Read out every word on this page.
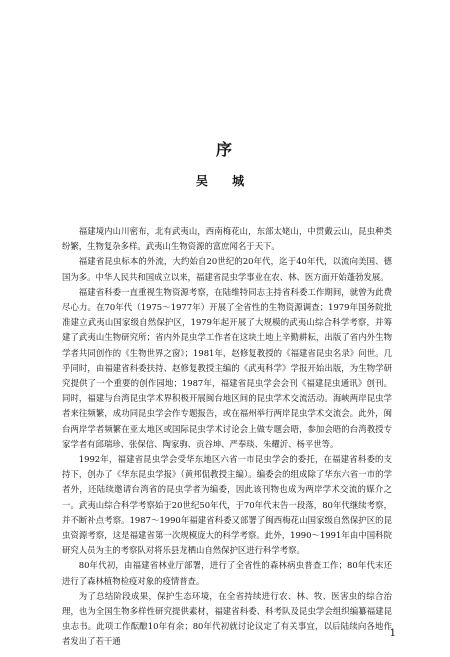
序
吴 城

福建境内山川密布，北有武夷山，西南梅花山，东部太姥山，中贯戴云山，昆虫种类纷繁，生物复杂多样。武夷山生物资源的富庶闻名于天下。

福建省昆虫标本的外流，大约始自20世纪的20年代，迄于40年代，以流向美国、德国为多。中华人民共和国成立以来，福建省昆虫学事业在农、林、医方面开始蓬勃发展。

福建省科委一直重视生物资源考察，在陆维特同志主持省科委工作期间，就曾为此费尽心力。在70年代（1975～1977年）开展了全省性的生物资源调查；1979年国务院批准建立武夷山国家级自然保护区，1979年起开展了大规模的武夷山综合科学考察，并筹建了武夷山生物研究所；省内外昆虫学工作者在这块土地上辛勤耕耘，出版了省内外生物学者共同创作的《生物世界之窗》；1981年，赵修复教授的《福建省昆虫名录》问世。几乎同时，由福建省科委扶持、赵修复教授主编的《武夷科学》学报开始出版，为生物学研究提供了一个重要的创作园地；1987年，福建省昆虫学会会刊《福建昆虫通讯》创刊。同时，福建与台湾昆虫学术界积极开展闽台地区间的昆虫学术交流活动。海峡两岸昆虫学者来往频繁，成功同昆虫学会作专题报告，或在福州举行两岸昆虫学术交流会。此外，闽台两岸学者频繁在亚太地区或国际昆虫学术讨论会上做专题会晤，参加会晤的台湾教授专家学者有邱瑞珍、张保信、陶家驹、贡谷坤、严奉琰、朱耀沂、杨平世等。

1992年，福建省昆虫学会受华东地区六省一市昆虫学会的委托，在福建省科委的支持下，创办了《华东昆虫学报》（黄邦侃教授主编）。编委会的组成除了华东六省一市的学者外，还陆续邀请台湾省的昆虫学者为编委，因此该刊物也成为两岸学术交流的媒介之一。武夷山综合科学考察始于20世纪50年代，于70年代末告一段落，80年代继续考察，并不断补点考察。1987～1990年福建省科委又部署了闽西梅花山国家级自然保护区的昆虫资源考察，这是福建省第一次规模庞大的科学考察。此外，1990～1991年由中国科院研究人员为主的考察队对将乐县龙栖山自然保护区进行科学考察。

80年代初，由福建省林业厅部署，进行了全省性的森林病虫普查工作；80年代末还进行了森林植物检疫对象的疫情普查。

为了总结阶段成果，保护生态环境，在全省持续进行农、林、牧、医害虫的综合治理，也为全国生物多样性研究提供素材，福建省科委、科考队及昆虫学会组织编纂福建昆虫志书。此项工作酝酿10年有余；80年代初就讨论议定了有关事宜，以后陆续向各地作者发出了若干通

1
